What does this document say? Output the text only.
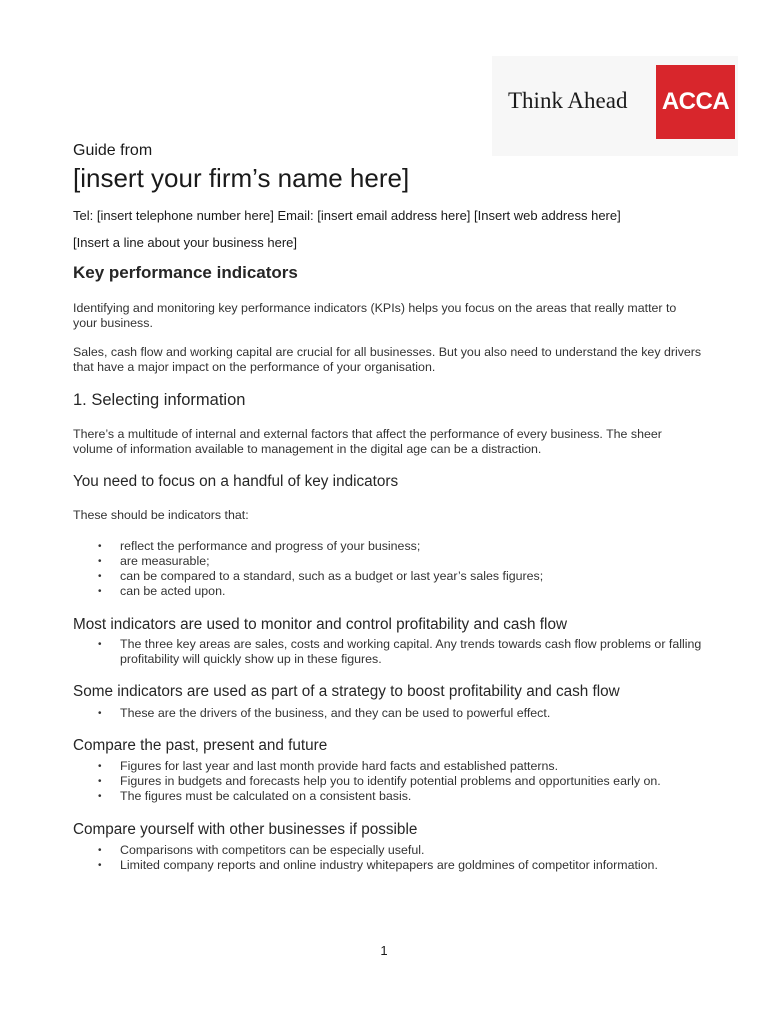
Think Ahead ACCA
Guide from
[insert your firm’s name here]
Tel: [insert telephone number here] Email: [insert email address here] [Insert web address here]
[Insert a line about your business here]
Key performance indicators
Identifying and monitoring key performance indicators (KPIs) helps you focus on the areas that really matter to your business.
Sales, cash flow and working capital are crucial for all businesses. But you also need to understand the key drivers that have a major impact on the performance of your organisation.
1. Selecting information
There’s a multitude of internal and external factors that affect the performance of every business. The sheer volume of information available to management in the digital age can be a distraction.
You need to focus on a handful of key indicators
These should be indicators that:
• reflect the performance and progress of your business;
• are measurable;
• can be compared to a standard, such as a budget or last year’s sales figures;
• can be acted upon.
Most indicators are used to monitor and control profitability and cash flow
• The three key areas are sales, costs and working capital. Any trends towards cash flow problems or falling profitability will quickly show up in these figures.
Some indicators are used as part of a strategy to boost profitability and cash flow
• These are the drivers of the business, and they can be used to powerful effect.
Compare the past, present and future
• Figures for last year and last month provide hard facts and established patterns.
• Figures in budgets and forecasts help you to identify potential problems and opportunities early on.
• The figures must be calculated on a consistent basis.
Compare yourself with other businesses if possible
• Comparisons with competitors can be especially useful.
• Limited company reports and online industry whitepapers are goldmines of competitor information.
1
